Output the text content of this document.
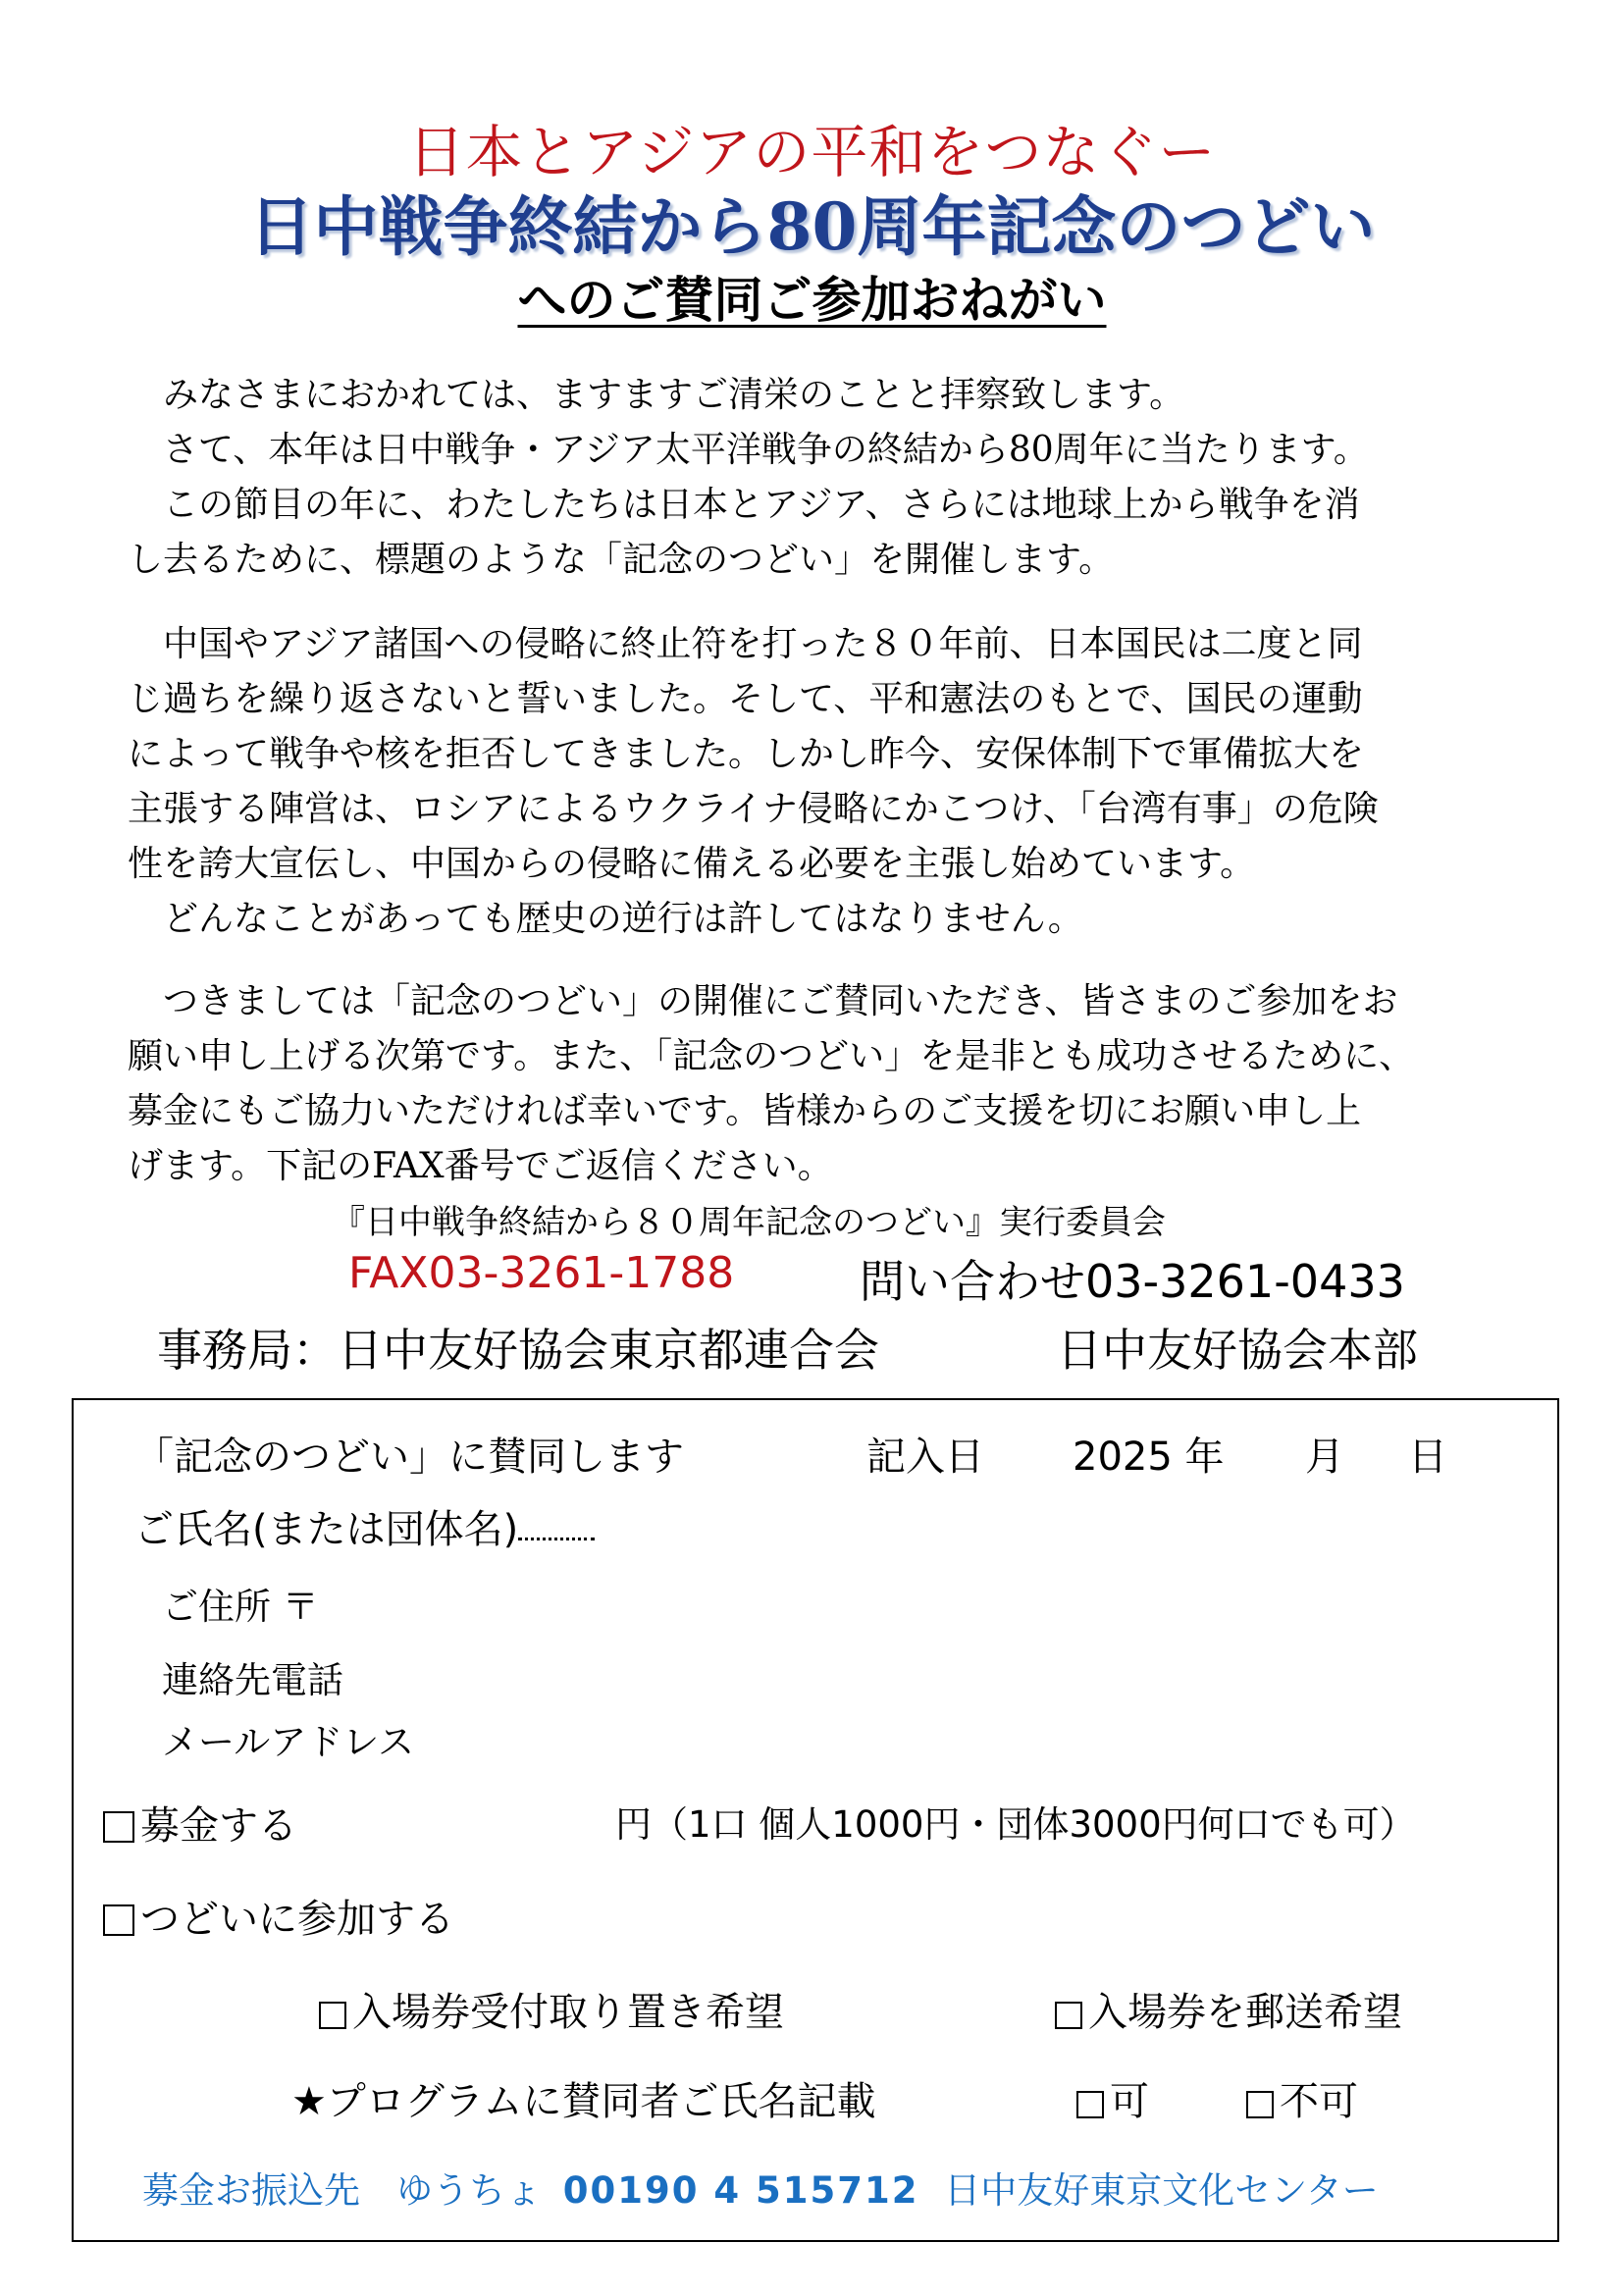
日本とアジアの平和をつなぐー
日中戦争終結から80周年記念のつどい
へのご賛同ご参加おねがい
　みなさまにおかれては、ますますご清栄のことと拝察致します。
　さて、本年は日中戦争・アジア太平洋戦争の終結から80周年に当たります。
　この節目の年に、わたしたちは日本とアジア、さらには地球上から戦争を消
し去るために、標題のような「記念のつどい」を開催します。
　中国やアジア諸国への侵略に終止符を打った８０年前、日本国民は二度と同
じ過ちを繰り返さないと誓いました。そして、平和憲法のもとで、国民の運動
によって戦争や核を拒否してきました。しかし昨今、安保体制下で軍備拡大を
主張する陣営は、ロシアによるウクライナ侵略にかこつけ、「台湾有事」の危険
性を誇大宣伝し、中国からの侵略に備える必要を主張し始めています。
　どんなことがあっても歴史の逆行は許してはなりません。
　つきましては「記念のつどい」の開催にご賛同いただき、皆さまのご参加をお
願い申し上げる次第です。また、「記念のつどい」を是非とも成功させるために、
募金にもご協力いただければ幸いです。皆様からのご支援を切にお願い申し上
げます。下記のFAX番号でご返信ください。
『日中戦争終結から８０周年記念のつどい』実行委員会
FAX03-3261-1788	問い合わせ03-3261-0433
事務局：日中友好協会東京都連合会	日中友好協会本部
「記念のつどい」に賛同します	記入日 2025 年 月 日
ご氏名(または団体名)
ご住所 〒
連絡先電話
メールアドレス
募金する	円（1口 個人1000円・団体3000円何口でも可）
つどいに参加する
入場券受付取り置き希望	入場券を郵送希望
★プログラムに賛同者ご氏名記載	可	不可
募金お振込先　ゆうちょ 00190 4 515712 日中友好東京文化センター
